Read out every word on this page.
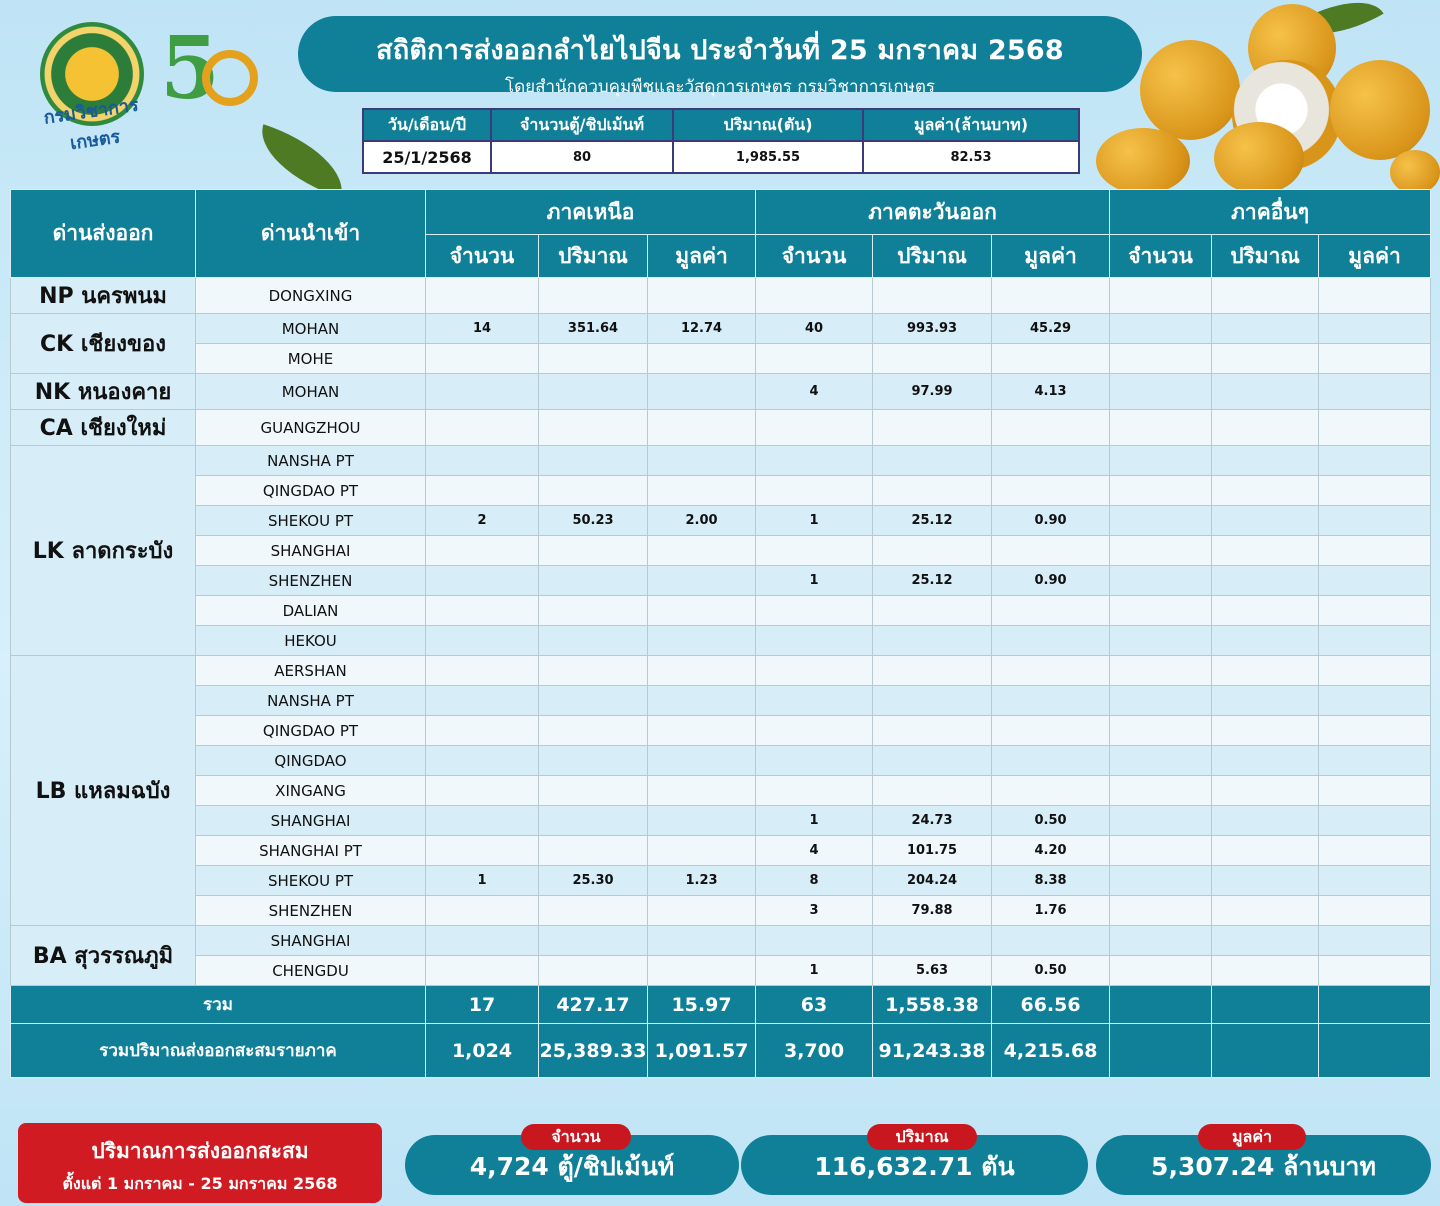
กรมวิชาการเกษตร
5	สถิติการส่งออกลำไยไปจีน ประจำวันที่ 25 มกราคม 2568
โดยสำนักควบคุมพืชและวัสดุการเกษตร กรมวิชาการเกษตร
วัน/เดือน/ปี	จำนวนตู้/ชิปเม้นท์	ปริมาณ(ตัน)	มูลค่า(ล้านบาท)
25/1/2568	80	1,985.55	82.53
ด่านส่งออก	ด่านนำเข้า	ภาคเหนือ			ภาคตะวันออก			ภาคอื่นๆ		
		จำนวน	ปริมาณ	มูลค่า	จำนวน	ปริมาณ	มูลค่า	จำนวน	ปริมาณ	มูลค่า
NP นครพนม	DONGXING									
CK เชียงของ	MOHAN	14	351.64	12.74	40	993.93	45.29			
	MOHE									
NK หนองคาย	MOHAN				4	97.99	4.13			
CA เชียงใหม่	GUANGZHOU									
LK ลาดกระบัง	NANSHA PT									
	QINGDAO PT									
	SHEKOU PT	2	50.23	2.00	1	25.12	0.90			
	SHANGHAI									
	SHENZHEN				1	25.12	0.90			
	DALIAN									
	HEKOU									
LB แหลมฉบัง	AERSHAN									
	NANSHA PT									
	QINGDAO PT									
	QINGDAO									
	XINGANG									
	SHANGHAI				1	24.73	0.50			
	SHANGHAI PT				4	101.75	4.20			
	SHEKOU PT	1	25.30	1.23	8	204.24	8.38			
	SHENZHEN				3	79.88	1.76			
BA สุวรรณภูมิ	SHANGHAI									
	CHENGDU				1	5.63	0.50			
รวม		17	427.17	15.97	63	1,558.38	66.56			
รวมปริมาณส่งออกสะสมรายภาค		1,024	25,389.33	1,091.57	3,700	91,243.38	4,215.68			
ปริมาณการส่งออกสะสม
ตั้งแต่ 1 มกราคม - 25 มกราคม 2568
4,724 ตู้/ชิปเม้นท์
จำนวน
116,632.71 ตัน
ปริมาณ
5,307.24 ล้านบาท
มูลค่า
